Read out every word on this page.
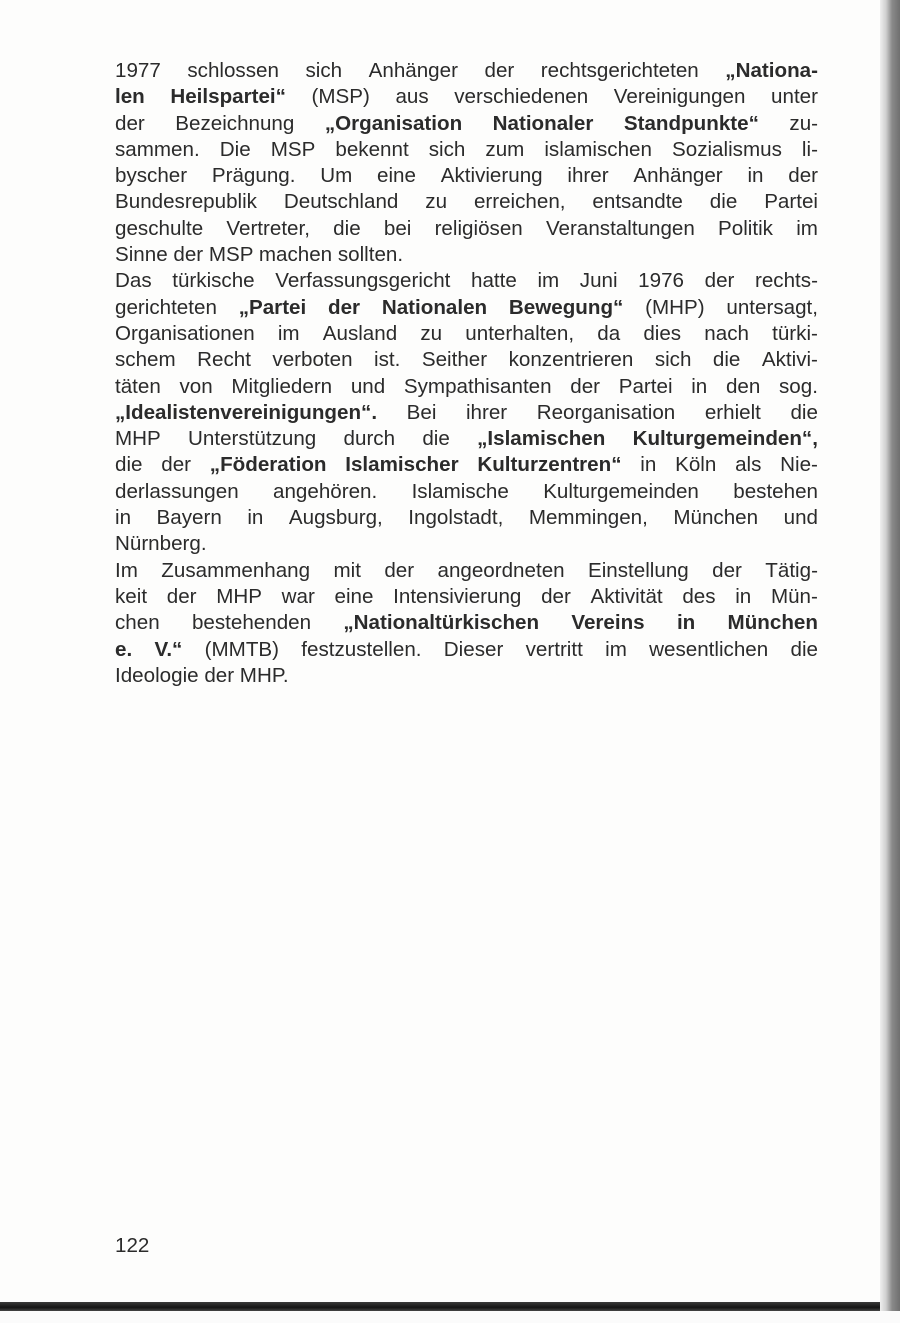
1977 schlossen sich Anhänger der rechtsgerichteten „Nationa-
len Heilspartei“ (MSP) aus verschiedenen Vereinigungen unter
der Bezeichnung „Organisation Nationaler Standpunkte“ zu-
sammen. Die MSP bekennt sich zum islamischen Sozialismus li-
byscher Prägung. Um eine Aktivierung ihrer Anhänger in der
Bundesrepublik Deutschland zu erreichen, entsandte die Partei
geschulte Vertreter, die bei religiösen Veranstaltungen Politik im
Sinne der MSP machen sollten.
Das türkische Verfassungsgericht hatte im Juni 1976 der rechts-
gerichteten „Partei der Nationalen Bewegung“ (MHP) untersagt,
Organisationen im Ausland zu unterhalten, da dies nach türki-
schem Recht verboten ist. Seither konzentrieren sich die Aktivi-
täten von Mitgliedern und Sympathisanten der Partei in den sog.
„Idealistenvereinigungen“. Bei ihrer Reorganisation erhielt die
MHP Unterstützung durch die „Islamischen Kulturgemeinden“,
die der „Föderation Islamischer Kulturzentren“ in Köln als Nie-
derlassungen angehören. Islamische Kulturgemeinden bestehen
in Bayern in Augsburg, Ingolstadt, Memmingen, München und
Nürnberg.
Im Zusammenhang mit der angeordneten Einstellung der Tätig-
keit der MHP war eine Intensivierung der Aktivität des in Mün-
chen bestehenden „Nationaltürkischen Vereins in München
e. V.“ (MMTB) festzustellen. Dieser vertritt im wesentlichen die
Ideologie der MHP.
122
